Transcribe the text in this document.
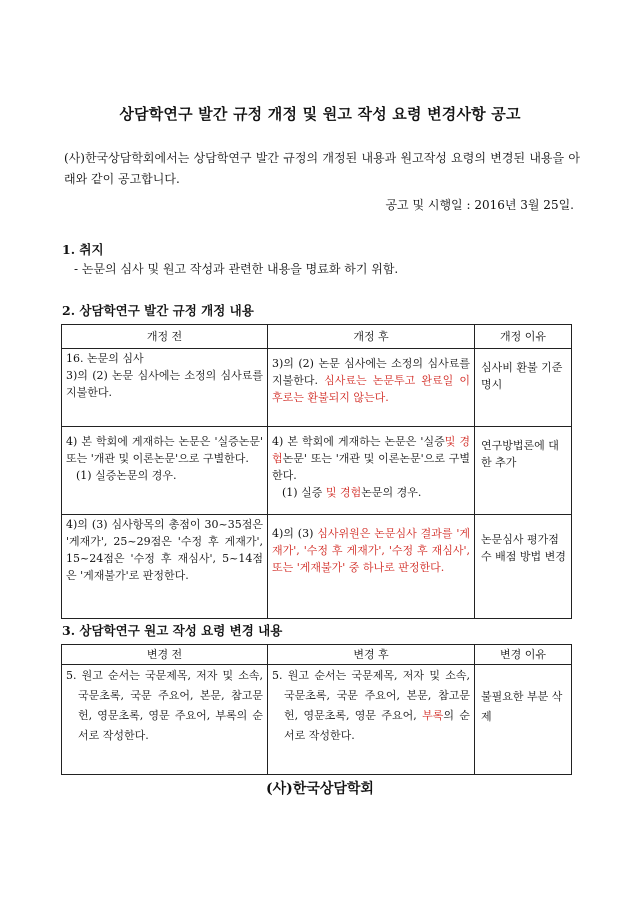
상담학연구 발간 규정 개정 및 원고 작성 요령 변경사항 공고
(사)한국상담학회에서는 상담학연구 발간 규정의 개정된 내용과 원고작성 요령의 변경된 내용을 아래와 같이 공고합니다.
공고 및 시행일 : 2016년 3월 25일.
1. 취지
- 논문의 심사 및 원고 작성과 관련한 내용을 명료화 하기 위함.
2. 상담학연구 발간 규정 개정 내용
개정 전	개정 후	개정 이유

16. 논문의 심사
3)의 (2) 논문 심사에는 소정의 심사료를 지불한다.	3)의 (2) 논문 심사에는 소정의 심사료를 지불한다. 심사료는 논문투고 완료일 이후로는 환불되지 않는다.	심사비 환불 기준 명시

4) 본 학회에 게재하는 논문은 '실증논문' 또는 '개관 및 이론논문'으로 구별한다.
(1) 실증논문의 경우.	4) 본 학회에 게재하는 논문은 '실증및 경험논문' 또는 '개관 및 이론논문'으로 구별한다.
(1) 실증 및 경험논문의 경우.	연구방법론에 대한 추가
4)의 (3) 심사항목의 총점이 30~35점은 '게재가', 25~29점은 '수정 후 게재가', 15~24점은 '수정 후 재심사', 5~14점은 '게재불가'로 판정한다.	4)의 (3) 심사위원은 논문심사 결과를 '게재가', '수정 후 게재가', '수정 후 재심사', 또는 '게재불가' 중 하나로 판정한다.	논문심사 평가점수 배점 방법 변경
3. 상담학연구 원고 작성 요령 변경 내용
변경 전	변경 후	변경 이유

5. 원고 순서는 국문제목, 저자 및 소속, 국문초록, 국문 주요어, 본문, 참고문헌, 영문초록, 영문 주요어, 부록의 순서로 작성한다.	5. 원고 순서는 국문제목, 저자 및 소속, 국문초록, 국문 주요어, 본문, 참고문헌, 영문초록, 영문 주요어, 부록의 순서로 작성한다.	불필요한 부분 삭제
(사)한국상담학회
